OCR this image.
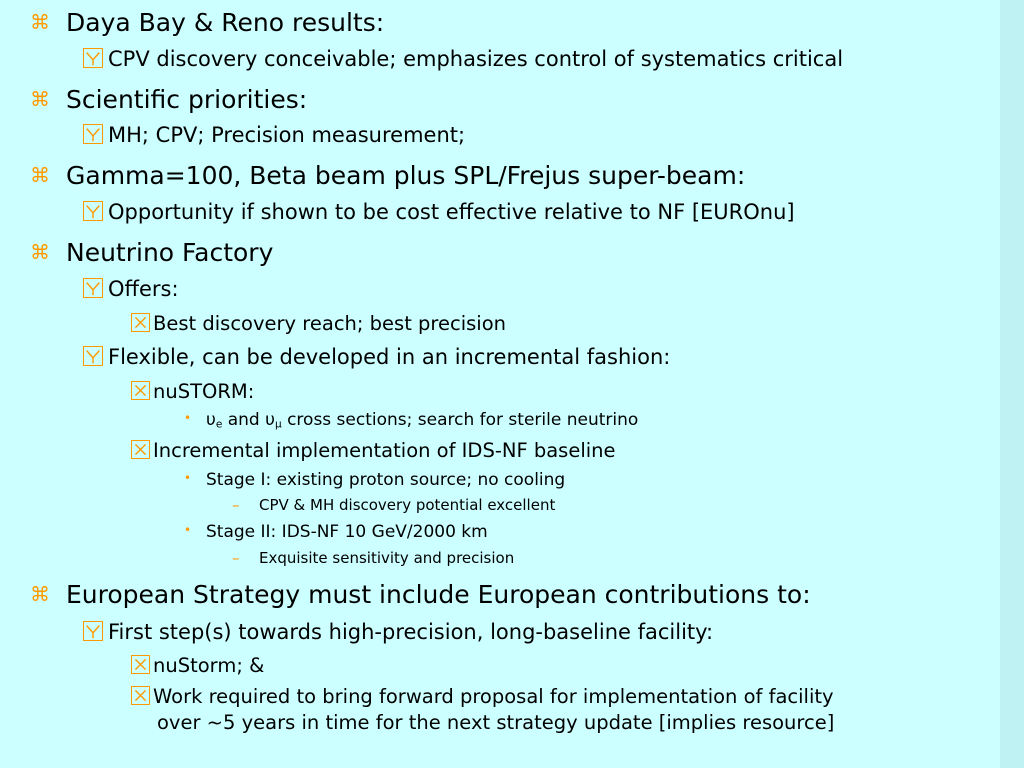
⌘Daya Bay & Reno results:
CPV discovery conceivable; emphasizes control of systematics critical
⌘Scientific priorities:
MH; CPV; Precision measurement;
⌘Gamma=100, Beta beam plus SPL/Frejus super-beam:
Opportunity if shown to be cost effective relative to NF [EUROnu]
⌘Neutrino Factory
Offers:
Best discovery reach; best precision
Flexible, can be developed in an incremental fashion:
nuSTORM:
• $\upsilon_e$ and $\upsilon_\mu$ cross sections; search for sterile neutrino
Incremental implementation of IDS-NF baseline
• Stage I: existing proton source; no cooling
– CPV & MH discovery potential excellent
• Stage II: IDS-NF 10 GeV/2000 km
– Exquisite sensitivity and precision
⌘European Strategy must include European contributions to:
First step(s) towards high-precision, long-baseline facility:
nuStorm; &
Work required to bring forward proposal for implementation of facility
over ~5 years in time for the next strategy update [implies resource]
